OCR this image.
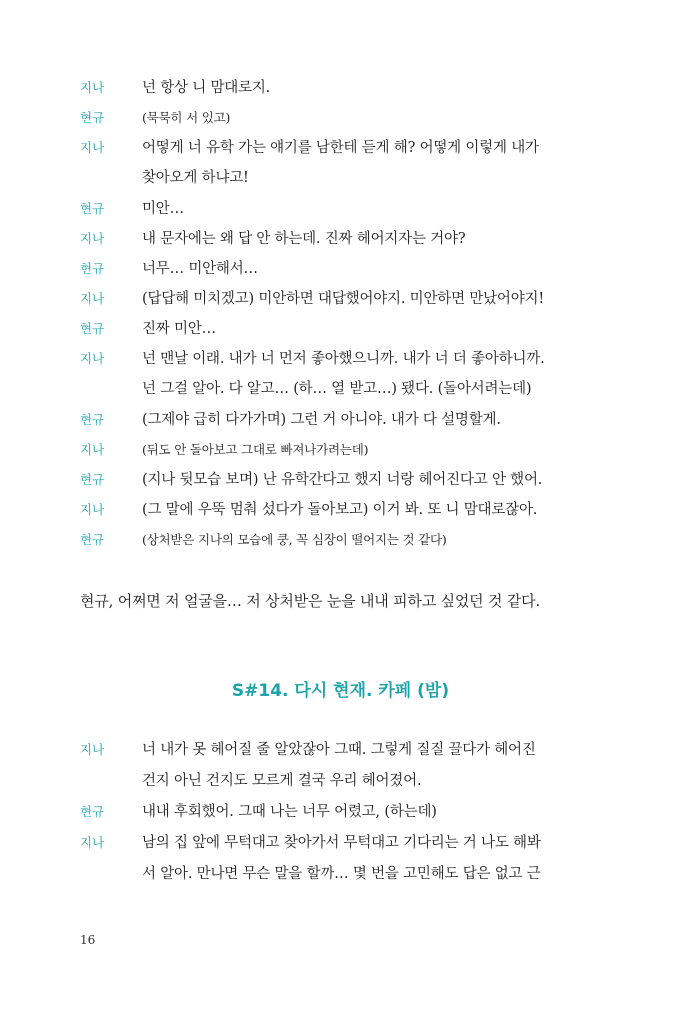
지나	넌 항상 니 맘대로지.
현규	(묵묵히 서 있고)
지나	어떻게 너 유학 가는 얘기를 남한테 듣게 해? 어떻게 이렇게 내가
찾아오게 하냐고!
현규	미안…
지나	내 문자에는 왜 답 안 하는데. 진짜 헤어지자는 거야?
현규	너무… 미안해서…
지나	(답답해 미치겠고) 미안하면 대답했어야지. 미안하면 만났어야지!
현규	진짜 미안…
지나	넌 맨날 이래. 내가 너 먼저 좋아했으니까. 내가 너 더 좋아하니까.
넌 그걸 알아. 다 알고… (하… 열 받고…) 됐다. (돌아서려는데)
현규	(그제야 급히 다가가며) 그런 거 아니야. 내가 다 설명할게.
지나	(뒤도 안 돌아보고 그대로 빠져나가려는데)
현규	(지나 뒷모습 보며) 난 유학간다고 했지 너랑 헤어진다고 안 했어.
지나	(그 말에 우뚝 멈춰 섰다가 돌아보고) 이거 봐. 또 니 맘대로잖아.
현규	(상처받은 지나의 모습에 쿵, 꼭 심장이 떨어지는 것 같다)
현규, 어쩌면 저 얼굴을… 저 상처받은 눈을 내내 피하고 싶었던 것 같다.
S#14. 다시 현재. 카페 (밤)
지나	너 내가 못 헤어질 줄 알았잖아 그때. 그렇게 질질 끌다가 헤어진
건지 아닌 건지도 모르게 결국 우리 헤어졌어.
현규	내내 후회했어. 그때 나는 너무 어렸고, (하는데)
지나	남의 집 앞에 무턱대고 찾아가서 무턱대고 기다리는 거 나도 해봐
서 알아. 만나면 무슨 말을 할까… 몇 번을 고민해도 답은 없고 근
16
